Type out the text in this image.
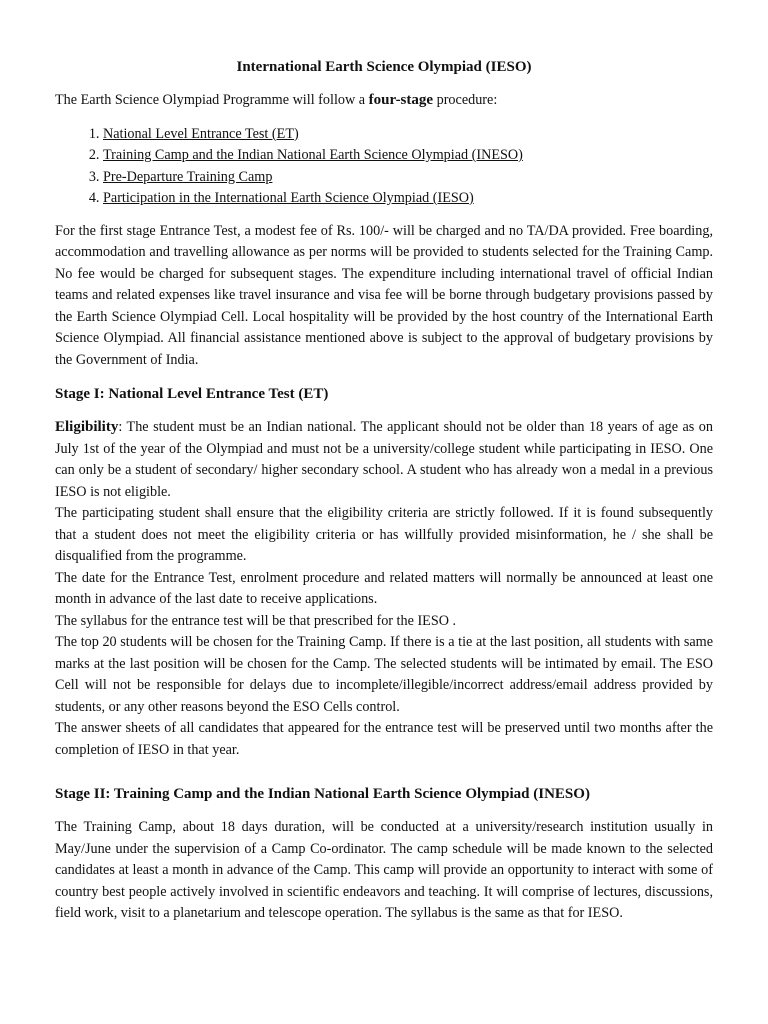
International Earth Science Olympiad (IESO)

The Earth Science Olympiad Programme will follow a four-stage procedure:

1. National Level Entrance Test (ET)
2. Training Camp and the Indian National Earth Science Olympiad (INESO)
3. Pre-Departure Training Camp
4. Participation in the International Earth Science Olympiad (IESO)

For the first stage Entrance Test, a modest fee of Rs. 100/- will be charged and no TA/DA provided. Free boarding, accommodation and travelling allowance as per norms will be provided to students selected for the Training Camp. No fee would be charged for subsequent stages. The expenditure including international travel of official Indian teams and related expenses like travel insurance and visa fee will be borne through budgetary provisions passed by the Earth Science Olympiad Cell. Local hospitality will be provided by the host country of the International Earth Science Olympiad. All financial assistance mentioned above is subject to the approval of budgetary provisions by the Government of India.

Stage I: National Level Entrance Test (ET)

Eligibility: The student must be an Indian national. The applicant should not be older than 18 years of age as on July 1st of the year of the Olympiad and must not be a university/college student while participating in IESO. One can only be a student of secondary/ higher secondary school. A student who has already won a medal in a previous IESO is not eligible.

The participating student shall ensure that the eligibility criteria are strictly followed. If it is found subsequently that a student does not meet the eligibility criteria or has willfully provided misinformation, he / she shall be disqualified from the programme.

The date for the Entrance Test, enrolment procedure and related matters will normally be announced at least one month in advance of the last date to receive applications.

The syllabus for the entrance test will be that prescribed for the IESO .

The top 20 students will be chosen for the Training Camp. If there is a tie at the last position, all students with same marks at the last position will be chosen for the Camp. The selected students will be intimated by email. The ESO Cell will not be responsible for delays due to incomplete/illegible/incorrect address/email address provided by students, or any other reasons beyond the ESO Cells control.

The answer sheets of all candidates that appeared for the entrance test will be preserved until two months after the completion of IESO in that year.

Stage II: Training Camp and the Indian National Earth Science Olympiad (INESO)

The Training Camp, about 18 days duration, will be conducted at a university/research institution usually in May/June under the supervision of a Camp Co-ordinator. The camp schedule will be made known to the selected candidates at least a month in advance of the Camp. This camp will provide an opportunity to interact with some of country best people actively involved in scientific endeavors and teaching. It will comprise of lectures, discussions, field work, visit to a planetarium and telescope operation. The syllabus is the same as that for IESO.
